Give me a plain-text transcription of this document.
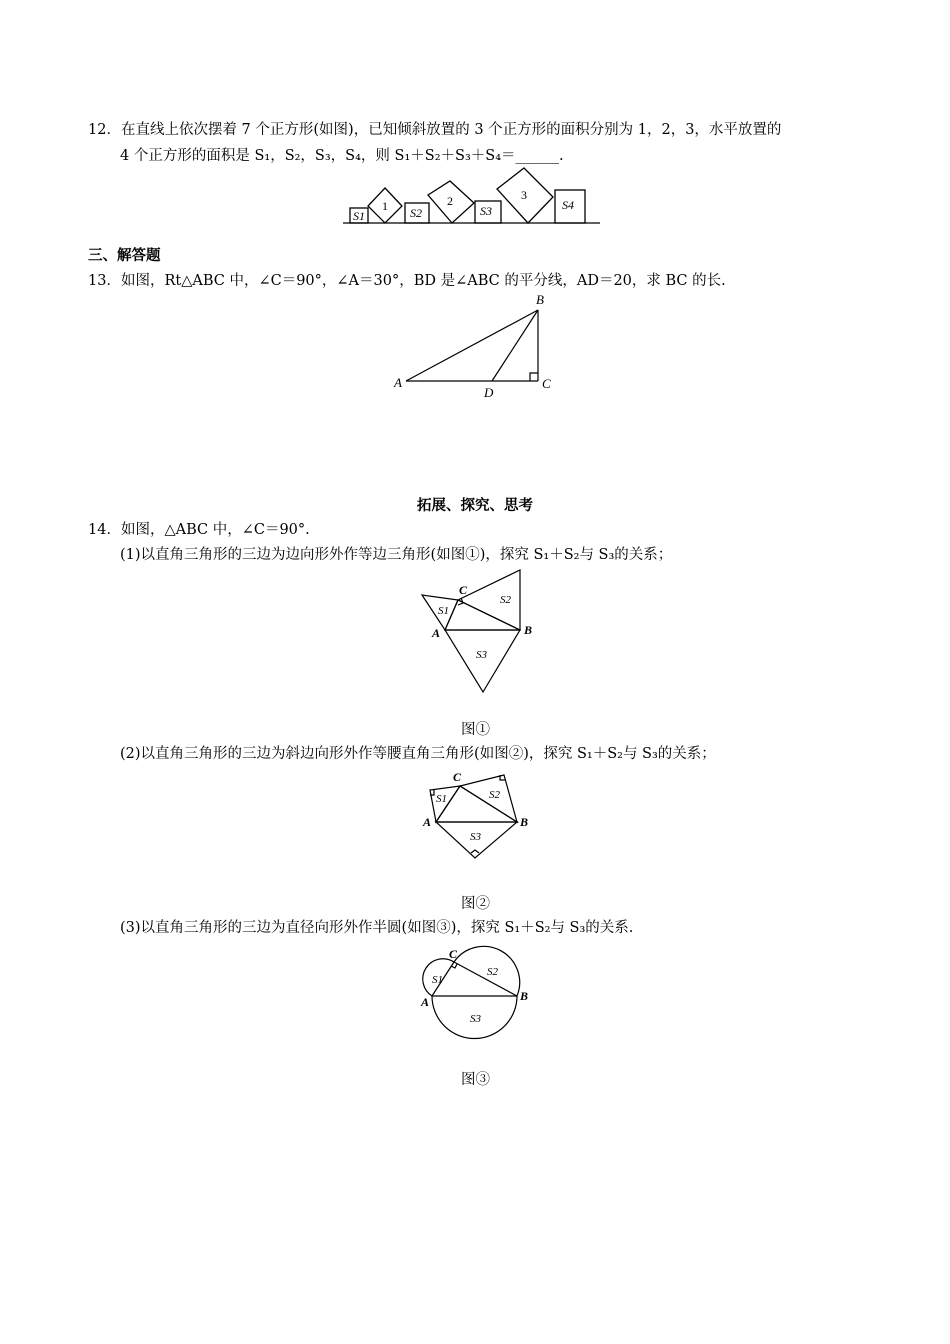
12．在直线上依次摆着 7 个正方形(如图)，已知倾斜放置的 3 个正方形的面积分别为 1，2，3，水平放置的
4 个正方形的面积是 S₁，S₂，S₃，S₄，则 S₁＋S₂＋S₃＋S₄＝______.
S1	S2	S3	S4
1	2	3
三、解答题
13．如图，Rt△ABC 中，∠C＝90°，∠A＝30°，BD 是∠ABC 的平分线，AD＝20，求 BC 的长.
A
B
C
D
拓展、探究、思考
14．如图，△ABC 中，∠C＝90°.
(1)以直角三角形的三边为边向形外作等边三角形(如图①)，探究 S₁＋S₂与 S₃的关系；
C
A	B
S1
S2
S3
图①
(2)以直角三角形的三边为斜边向形外作等腰直角三角形(如图②)，探究 S₁＋S₂与 S₃的关系；
C
A	B
S1	S2
S3
图②
(3)以直角三角形的三边为直径向形外作半圆(如图③)，探究 S₁＋S₂与 S₃的关系.
C
A	B
S1
S2
S3
图③
